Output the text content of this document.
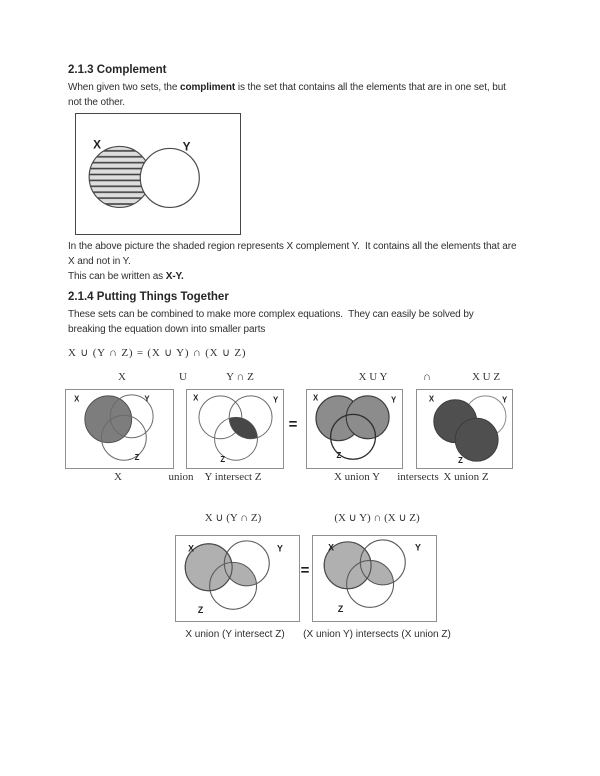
2.1.3 Complement
When given two sets, the compliment is the set that contains all the elements that are in one set, but
not the other.
X	Y
In the above picture the shaded region represents X complement Y.  It contains all the elements that are
X and not in Y.
This can be written as X-Y.
2.1.4 Putting Things Together
These sets can be combined to make more complex equations.  They can easily be solved by
breaking the equation down into smaller parts
X ∪ (Y ∩ Z) = (X ∪ Y) ∩ (X ∪ Z)
X	U	Y ∩ Z	X U Y	∩	X U Z
X	Y
Z
X	Y
Z
=
X	Y
Z
X	Y
Z
X	union Y intersect Z	X union Y intersects X union Z
X ∪ (Y ∩ Z)	(X ∪ Y) ∩ (X ∪ Z)
X	Y
Z
=
X	Y
Z
X union (Y intersect Z) (X union Y) intersects (X union Z)
